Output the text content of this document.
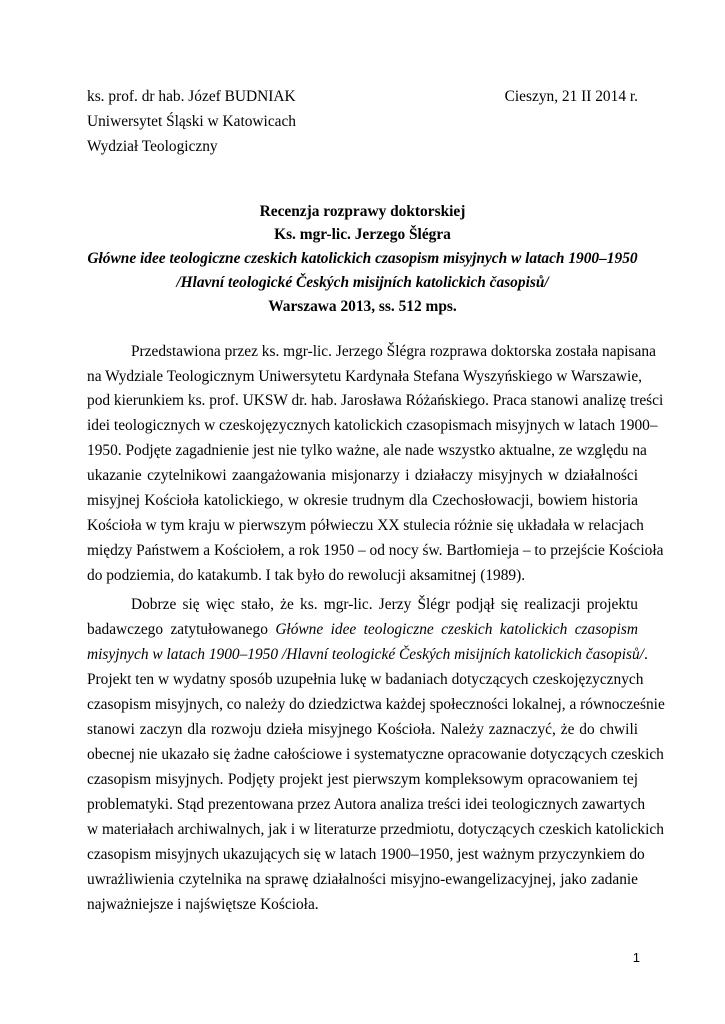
ks. prof. dr hab. Józef BUDNIAK	Cieszyn, 21 II 2014 r.
Uniwersytet Śląski w Katowicach
Wydział Teologiczny
Recenzja rozprawy doktorskiej
Ks. mgr-lic. Jerzego Šlégra
Główne idee teologiczne czeskich katolickich czasopism misyjnych w latach 1900–1950
/Hlavní teologické Českých misijních katolickich časopisů/
Warszawa 2013, ss. 512 mps.
Przedstawiona przez ks. mgr-lic. Jerzego Šlégra rozprawa doktorska została napisana
na Wydziale Teologicznym Uniwersytetu Kardynała Stefana Wyszyńskiego w Warszawie,
pod kierunkiem ks. prof. UKSW dr. hab. Jarosława Różańskiego. Praca stanowi analizę treści
idei teologicznych w czeskojęzycznych katolickich czasopismach misyjnych w latach 1900–
1950. Podjęte zagadnienie jest nie tylko ważne, ale nade wszystko aktualne, ze względu na
ukazanie czytelnikowi zaangażowania misjonarzy i działaczy misyjnych w działalności
misyjnej Kościoła katolickiego, w okresie trudnym dla Czechosłowacji, bowiem historia
Kościoła w tym kraju w pierwszym półwieczu XX stulecia różnie się układała w relacjach
między Państwem a Kościołem, a rok 1950 – od nocy św. Bartłomieja – to przejście Kościoła
do podziemia, do katakumb. I tak było do rewolucji aksamitnej (1989).
Dobrze się więc stało, że ks. mgr-lic. Jerzy Šlégr podjął się realizacji projektu
badawczego zatytułowanego Główne idee teologiczne czeskich katolickich czasopism
misyjnych w latach 1900–1950 /Hlavní teologické Českých misijních katolickich časopisů/.
Projekt ten w wydatny sposób uzupełnia lukę w badaniach dotyczących czeskojęzycznych
czasopism misyjnych, co należy do dziedzictwa każdej społeczności lokalnej, a równocześnie
stanowi zaczyn dla rozwoju dzieła misyjnego Kościoła. Należy zaznaczyć, że do chwili
obecnej nie ukazało się żadne całościowe i systematyczne opracowanie dotyczących czeskich
czasopism misyjnych. Podjęty projekt jest pierwszym kompleksowym opracowaniem tej
problematyki. Stąd prezentowana przez Autora analiza treści idei teologicznych zawartych
w materiałach archiwalnych, jak i w literaturze przedmiotu, dotyczących czeskich katolickich
czasopism misyjnych ukazujących się w latach 1900–1950, jest ważnym przyczynkiem do
uwrażliwienia czytelnika na sprawę działalności misyjno-ewangelizacyjnej, jako zadanie
najważniejsze i najświętsze Kościoła.
1
